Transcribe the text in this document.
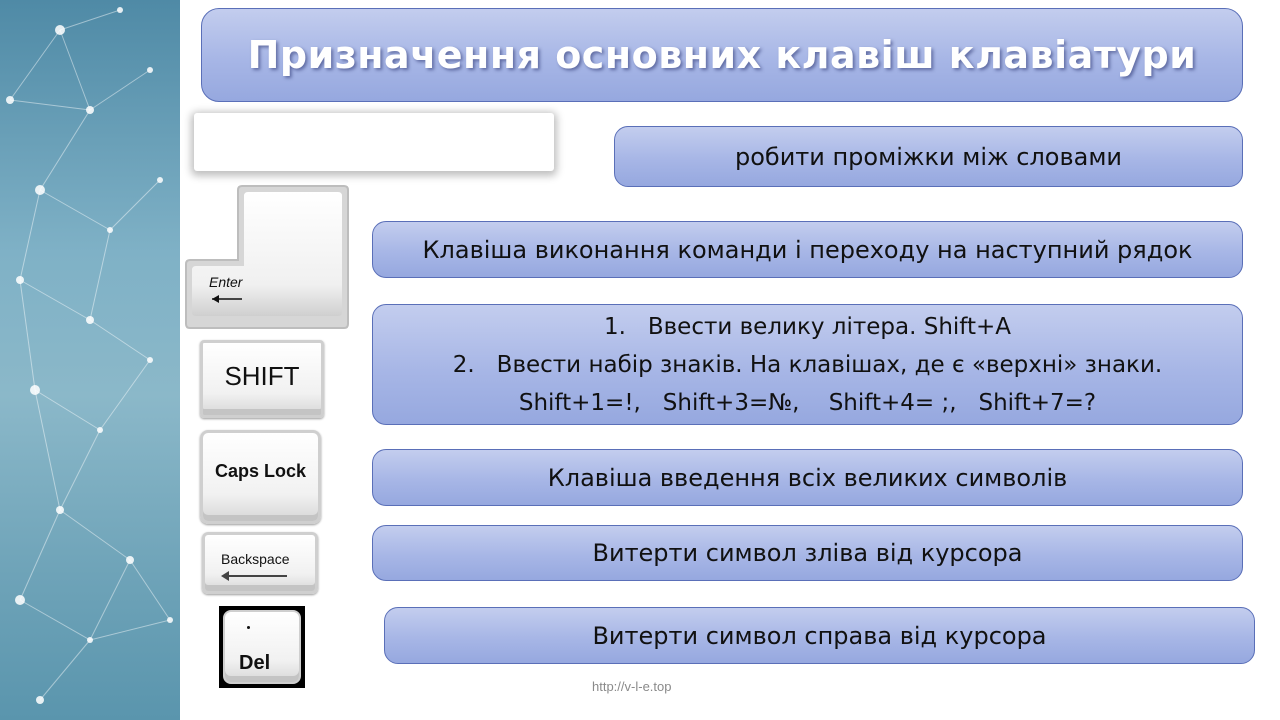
Призначення основних клавіш клавіатури
робити проміжки між словами
Enter
Клавіша виконання команди і переходу на наступний рядок
SHIFT
1.   Ввести велику літера. Shift+A
2.   Ввести набір знаків. На клавішах, де є «верхні» знаки.
Shift+1=!,   Shift+3=№,    Shift+4= ;,   Shift+7=?
Caps Lock	Клавіша введення всіх великих символів
Backspace	Витерти символ зліва від курсора
Del
Витерти символ справа від курсора
http://v-l-e.top
